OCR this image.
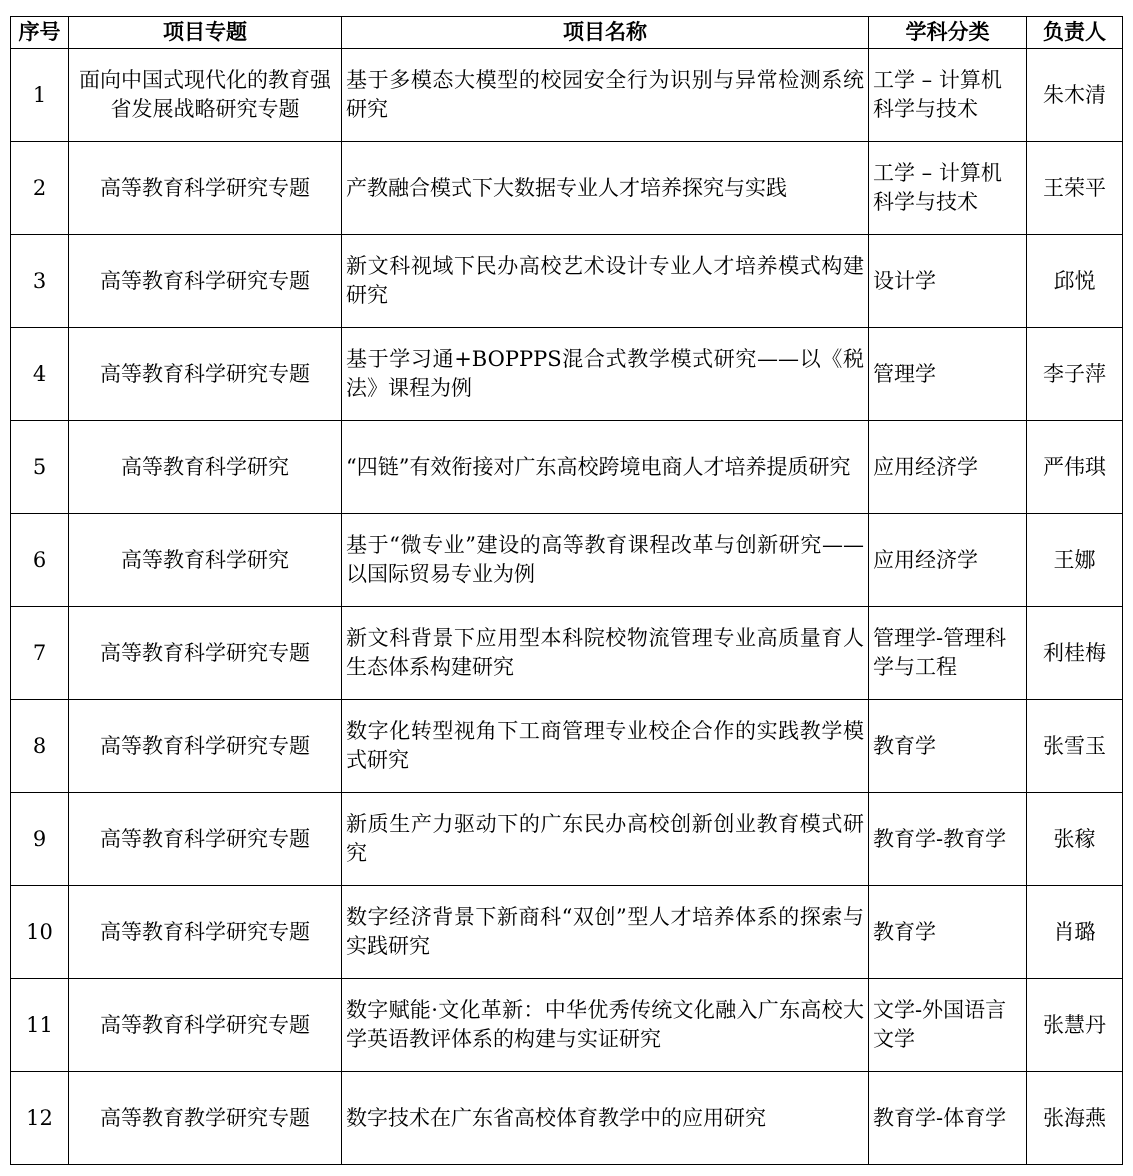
序号	项目专题	项目名称	学科分类	负责人
1	面向中国式现代化的教育强省发展战略研究专题	基于多模态大模型的校园安全行为识别与异常检测系统研究	工学 – 计算机科学与技术	朱木清
2	高等教育科学研究专题	产教融合模式下大数据专业人才培养探究与实践	工学 – 计算机科学与技术	王荣平
3	高等教育科学研究专题	新文科视域下民办高校艺术设计专业人才培养模式构建研究	设计学	邱悦
4	高等教育科学研究专题	基于学习通+BOPPPS混合式教学模式研究——以《税法》课程为例	管理学	李子萍
5	高等教育科学研究	“四链”有效衔接对广东高校跨境电商人才培养提质研究	应用经济学	严伟琪
6	高等教育科学研究	基于“微专业”建设的高等教育课程改革与创新研究——以国际贸易专业为例	应用经济学	王娜
7	高等教育科学研究专题	新文科背景下应用型本科院校物流管理专业高质量育人生态体系构建研究	管理学-管理科学与工程	利桂梅
8	高等教育科学研究专题	数字化转型视角下工商管理专业校企合作的实践教学模式研究	教育学	张雪玉
9	高等教育科学研究专题	新质生产力驱动下的广东民办高校创新创业教育模式研究	教育学-教育学	张稼
10	高等教育科学研究专题	数字经济背景下新商科“双创”型人才培养体系的探索与实践研究	教育学	肖璐
11	高等教育科学研究专题	数字赋能·文化革新：中华优秀传统文化融入广东高校大学英语教评体系的构建与实证研究	文学-外国语言文学	张慧丹
12	高等教育教学研究专题	数字技术在广东省高校体育教学中的应用研究	教育学-体育学	张海燕
